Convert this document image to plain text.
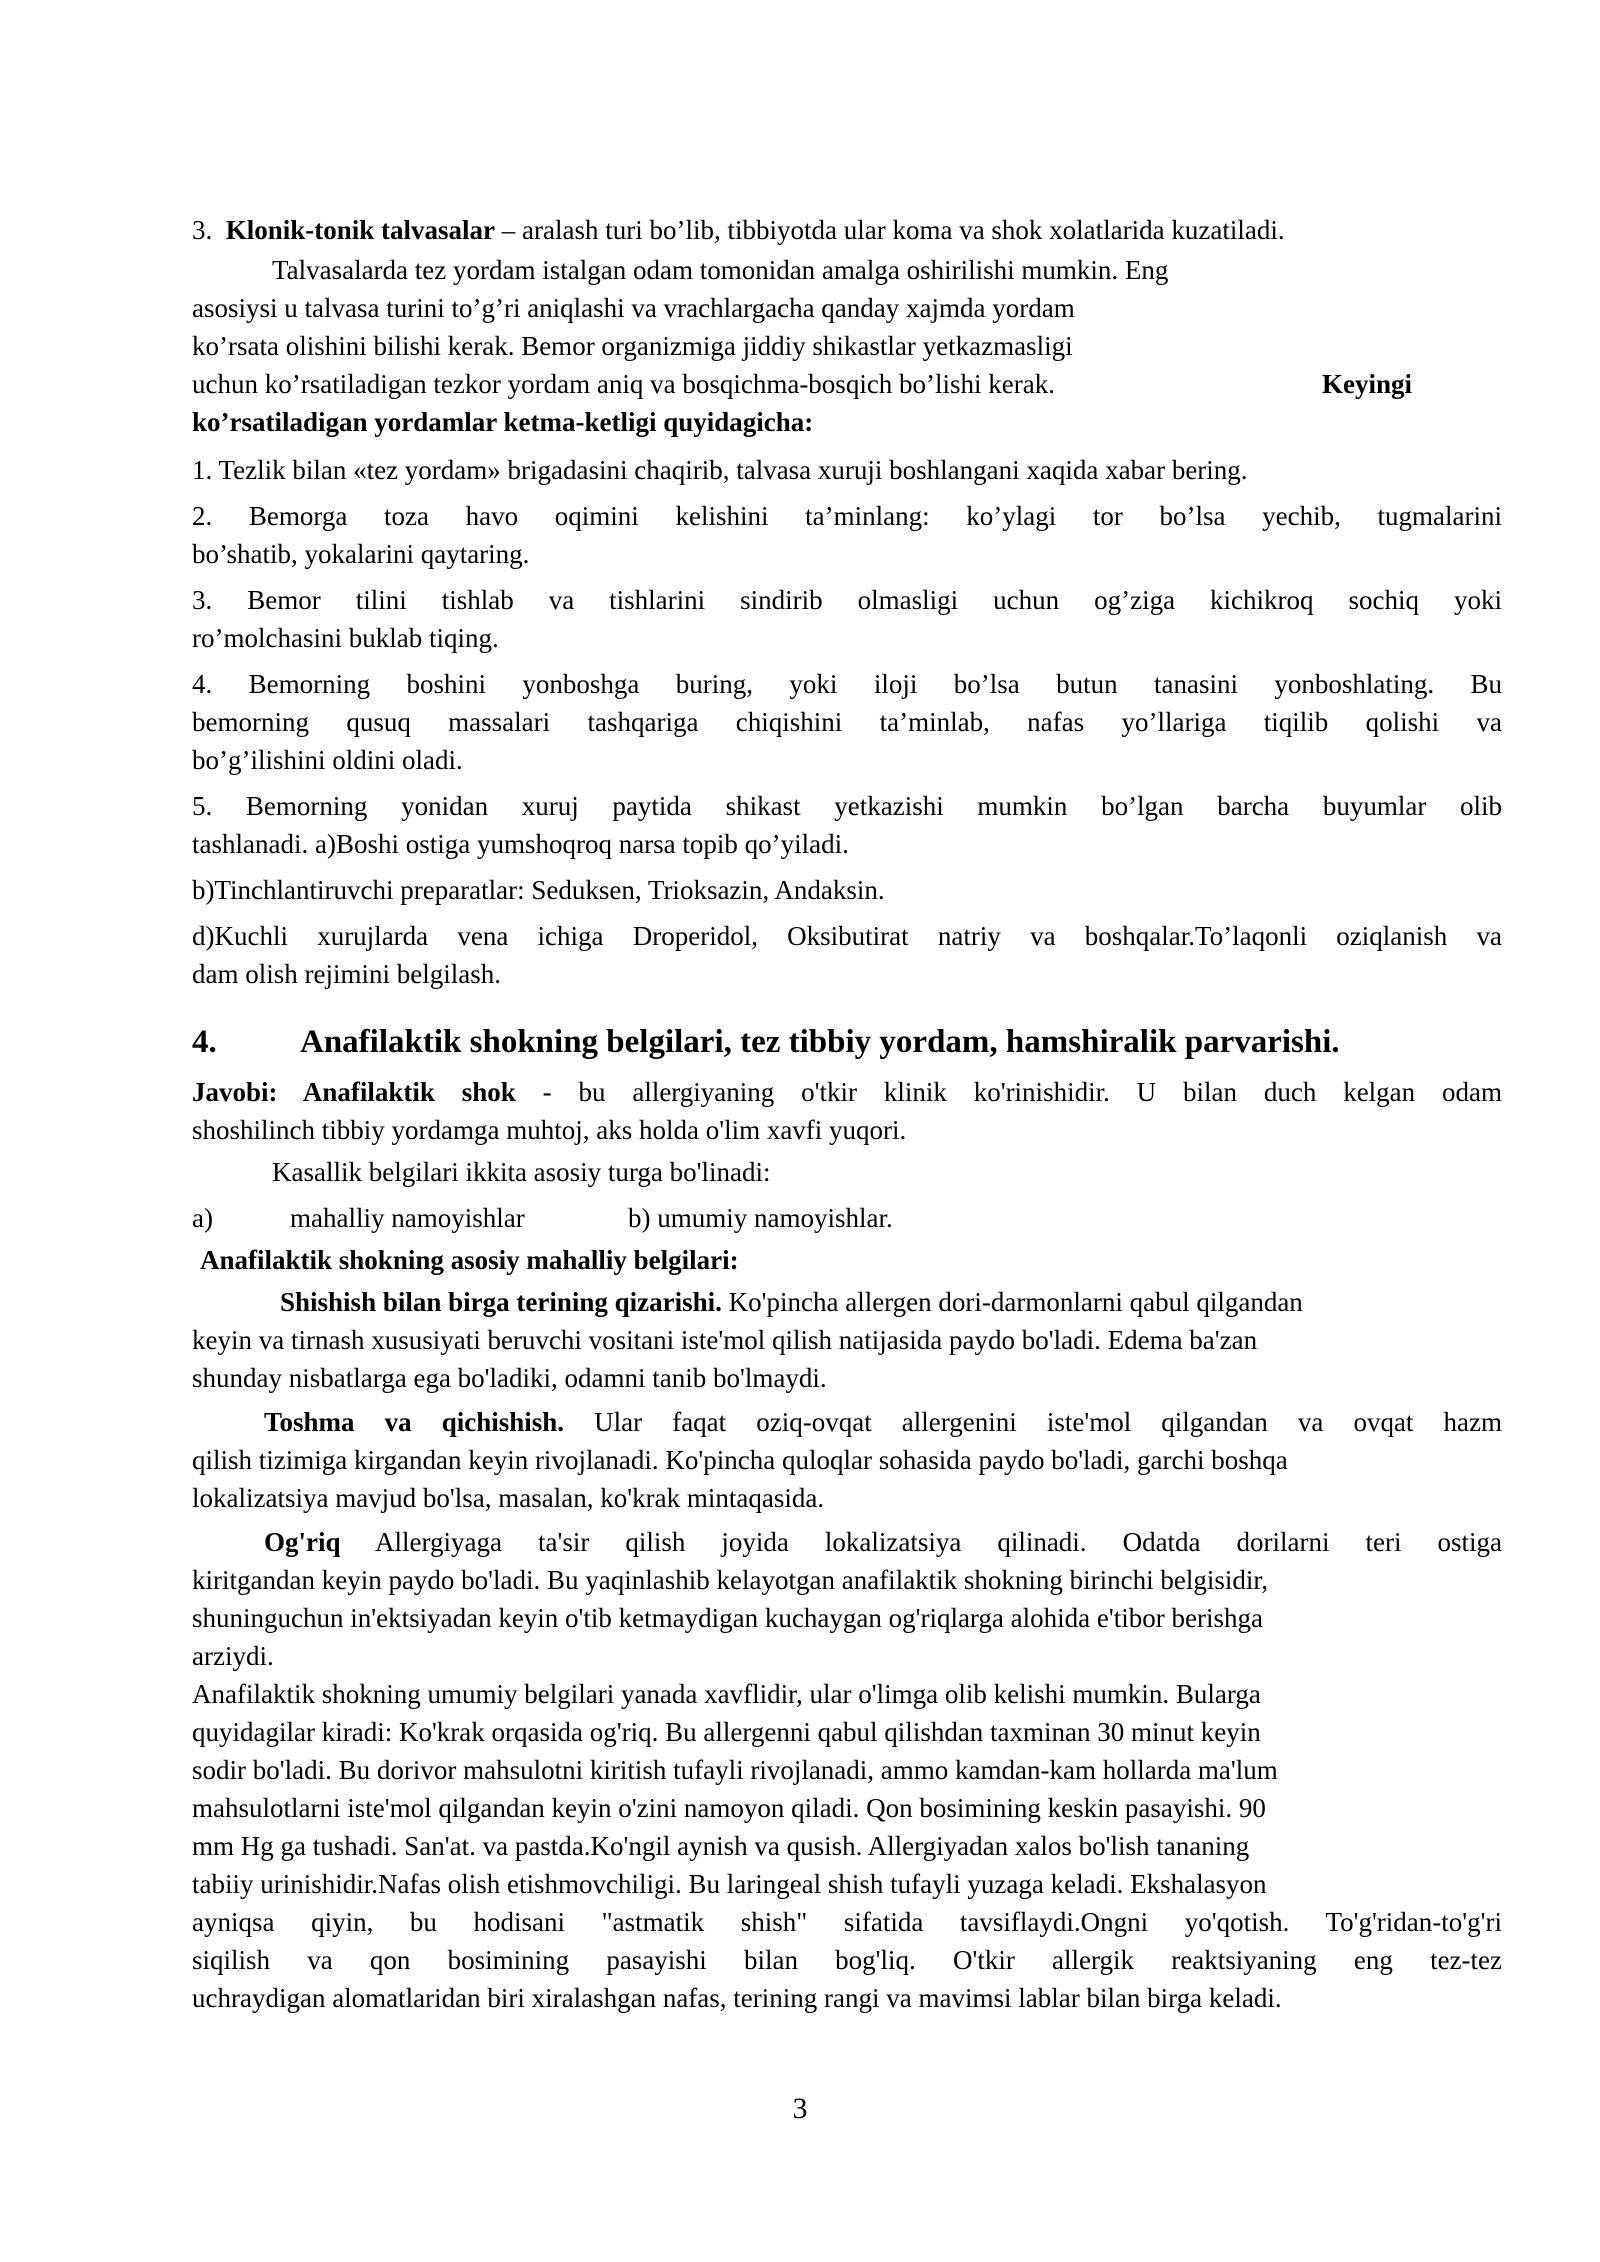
3. Klonik-tonik talvasalar – aralash turi bo’lib, tibbiyotda ular koma va shok xolatlarida kuzatiladi.
Talvasalarda tez yordam istalgan odam tomonidan amalga oshirilishi mumkin. Eng
asosiysi u talvasa turini to’g’ri aniqlashi va vrachlargacha qanday xajmda yordam
ko’rsata olishini bilishi kerak. Bemor organizmiga jiddiy shikastlar yetkazmasligi
uchun ko’rsatiladigan tezkor yordam aniq va bosqichma-bosqich bo’lishi kerak.	Keyingi
ko’rsatiladigan yordamlar ketma-ketligi quyidagicha:
1. Tezlik bilan «tez yordam» brigadasini chaqirib, talvasa xuruji boshlangani xaqida xabar bering.
2. Bemorga toza havo oqimini kelishini ta’minlang: ko’ylagi tor bo’lsa yechib, tugmalarini
bo’shatib, yokalarini qaytaring.
3. Bemor tilini tishlab va tishlarini sindirib olmasligi uchun og’ziga kichikroq sochiq yoki
ro’molchasini buklab tiqing.
4. Bemorning boshini yonboshga buring, yoki iloji bo’lsa butun tanasini yonboshlating. Bu
bemorning qusuq massalari tashqariga chiqishini ta’minlab, nafas yo’llariga tiqilib qolishi va
bo’g’ilishini oldini oladi.
5. Bemorning yonidan xuruj paytida shikast yetkazishi mumkin bo’lgan barcha buyumlar olib
tashlanadi. a)Boshi ostiga yumshoqroq narsa topib qo’yiladi.
b)Tinchlantiruvchi preparatlar: Seduksen, Trioksazin, Andaksin.
d)Kuchli xurujlarda vena ichiga Droperidol, Oksibutirat natriy va boshqalar.To’laqonli oziqlanish va
dam olish rejimini belgilash.
4.	Anafilaktik shokning belgilari, tez tibbiy yordam, hamshiralik parvarishi.
Javobi: Anafilaktik shok - bu allergiyaning o'tkir klinik ko'rinishidir. U bilan duch kelgan odam
shoshilinch tibbiy yordamga muhtoj, aks holda o'lim xavfi yuqori.
Kasallik belgilari ikkita asosiy turga bo'linadi:
a)	mahalliy namoyishlar	b) umumiy namoyishlar.
Anafilaktik shokning asosiy mahalliy belgilari:
Shishish bilan birga terining qizarishi. Ko'pincha allergen dori-darmonlarni qabul qilgandan
keyin va tirnash xususiyati beruvchi vositani iste'mol qilish natijasida paydo bo'ladi. Edema ba'zan
shunday nisbatlarga ega bo'ladiki, odamni tanib bo'lmaydi.
Toshma va qichishish. Ular faqat oziq-ovqat allergenini iste'mol qilgandan va ovqat hazm
qilish tizimiga kirgandan keyin rivojlanadi. Ko'pincha quloqlar sohasida paydo bo'ladi, garchi boshqa
lokalizatsiya mavjud bo'lsa, masalan, ko'krak mintaqasida.
Og'riq Allergiyaga ta'sir qilish joyida lokalizatsiya qilinadi. Odatda dorilarni teri ostiga
kiritgandan keyin paydo bo'ladi. Bu yaqinlashib kelayotgan anafilaktik shokning birinchi belgisidir,
shuninguchun in'ektsiyadan keyin o'tib ketmaydigan kuchaygan og'riqlarga alohida e'tibor berishga
arziydi.
Anafilaktik shokning umumiy belgilari yanada xavflidir, ular o'limga olib kelishi mumkin. Bularga
quyidagilar kiradi: Ko'krak orqasida og'riq. Bu allergenni qabul qilishdan taxminan 30 minut keyin
sodir bo'ladi. Bu dorivor mahsulotni kiritish tufayli rivojlanadi, ammo kamdan-kam hollarda ma'lum
mahsulotlarni iste'mol qilgandan keyin o'zini namoyon qiladi. Qon bosimining keskin pasayishi. 90
mm Hg ga tushadi. San'at. va pastda.Ko'ngil aynish va qusish. Allergiyadan xalos bo'lish tananing
tabiiy urinishidir.Nafas olish etishmovchiligi. Bu laringeal shish tufayli yuzaga keladi. Ekshalasyon
ayniqsa qiyin, bu hodisani "astmatik shish" sifatida tavsiflaydi.Ongni yo'qotish. To'g'ridan-to'g'ri
siqilish va qon bosimining pasayishi bilan bog'liq. O'tkir allergik reaktsiyaning eng tez-tez
uchraydigan alomatlaridan biri xiralashgan nafas, terining rangi va mavimsi lablar bilan birga keladi.
3
